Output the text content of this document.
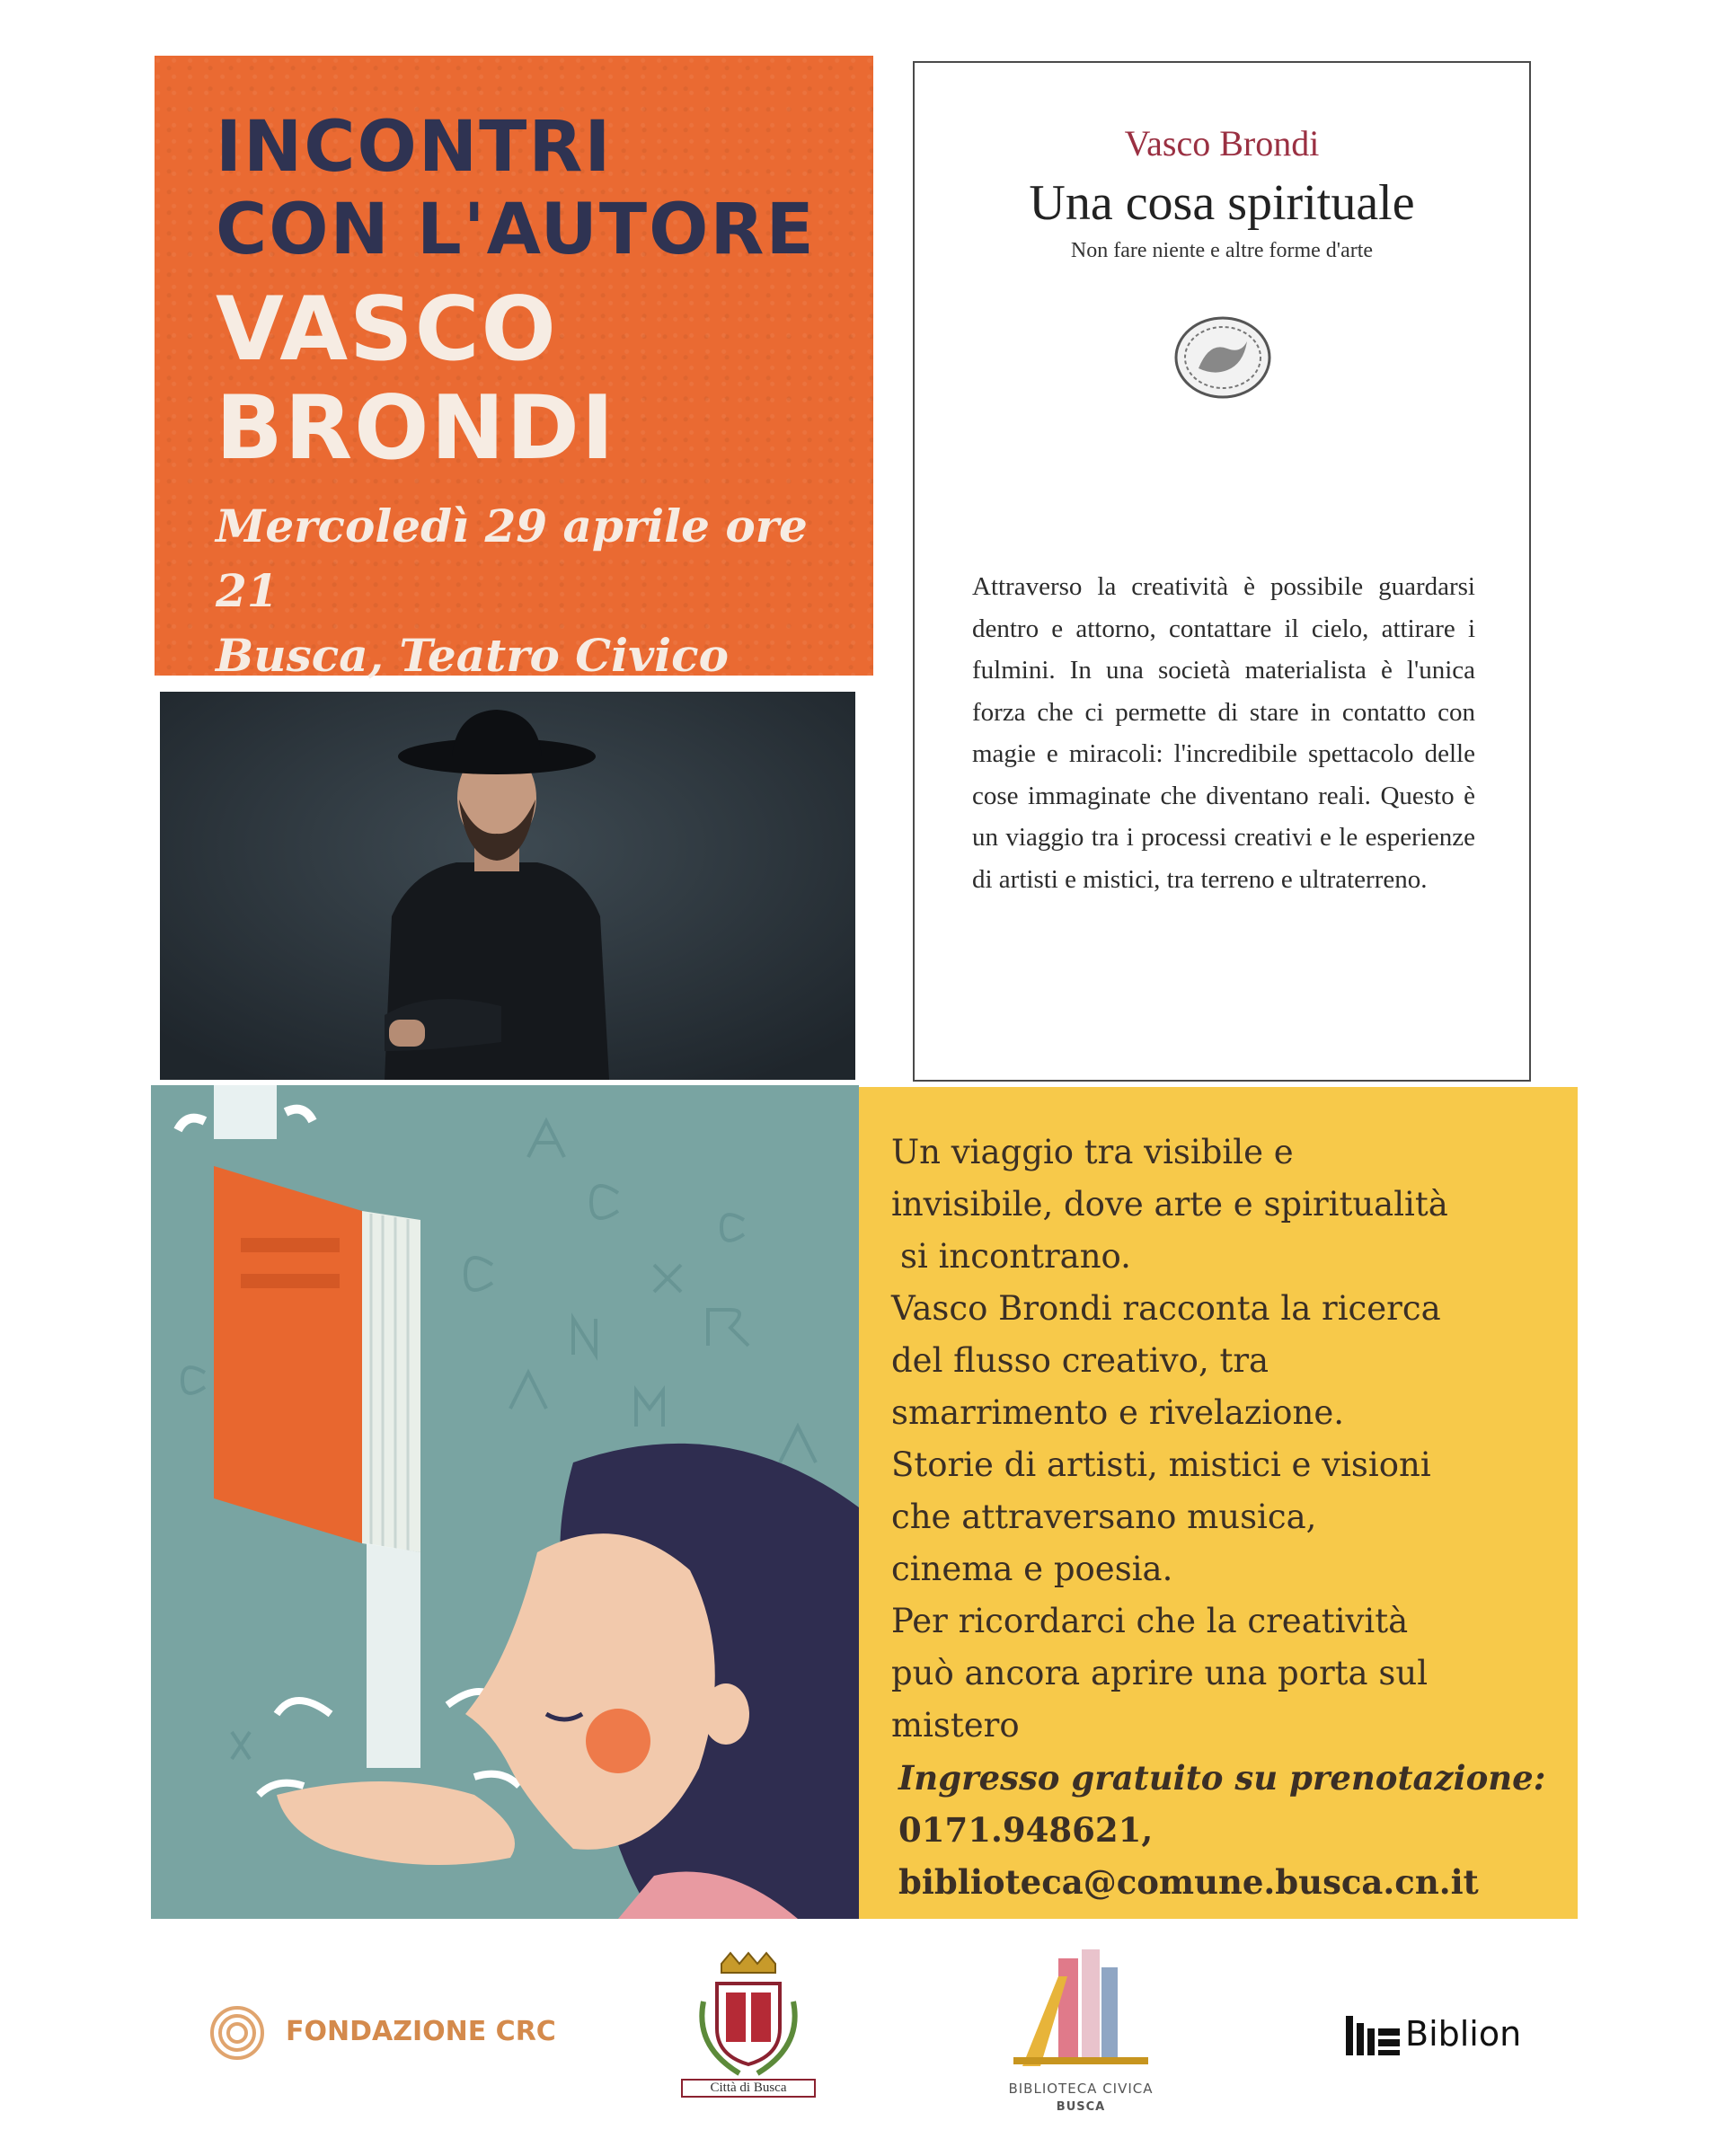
INCONTRI
CON L'AUTORE
VASCO
BRONDI
Mercoledì 29 aprile ore 21
Busca, Teatro Civico
Vasco Brondi
Una cosa spirituale
Non fare niente e altre forme d'arte
Attraverso la creatività è possibile guardarsi dentro e attorno, contattare il cielo, attirare i fulmini. In una società materialista è l'unica forza che ci permette di stare in contatto con magie e miracoli: l'incredibile spettacolo delle cose immaginate che diventano reali. Questo è un viaggio tra i processi creativi e le esperienze di artisti e mistici, tra terreno e ultraterreno.
Un viaggio tra visibile e
invisibile, dove arte e spiritualità
si incontrano.
Vasco Brondi racconta la ricerca
del flusso creativo, tra
smarrimento e rivelazione.
Storie di artisti, mistici e visioni
che attraversano musica,
cinema e poesia.
Per ricordarci che la creatività
può ancora aprire una porta sul
mistero
Ingresso gratuito su prenotazione:
0171.948621,
biblioteca@comune.busca.cn.it
FONDAZIONE CRC
Città di Busca	BIBLIOTECA CIVICA
BUSCA
Biblion
